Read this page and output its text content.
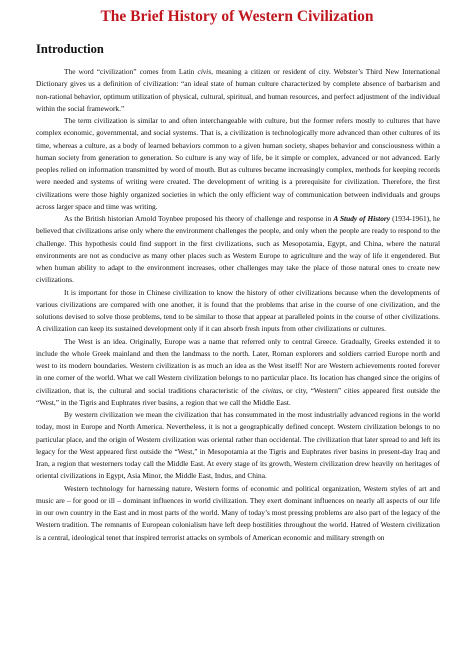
The Brief History of Western Civilization
Introduction

The word “civilization” comes from Latin civis, meaning a citizen or resident of city. Webster’s Third New International Dictionary gives us a definition of civilization: “an ideal state of human culture characterized by complete absence of barbarism and non-rational behavior, optimum utilization of physical, cultural, spiritual, and human resources, and perfect adjustment of the individual within the social framework.”

The term civilization is similar to and often interchangeable with culture, but the former refers mostly to cultures that have complex economic, governmental, and social systems. That is, a civilization is technologically more advanced than other cultures of its time, whereas a culture, as a body of learned behaviors common to a given human society, shapes behavior and consciousness within a human society from generation to generation. So culture is any way of life, be it simple or complex, advanced or not advanced. Early peoples relied on information transmitted by word of mouth. But as cultures became increasingly complex, methods for keeping records were needed and systems of writing were created. The development of writing is a prerequisite for civilization. Therefore, the first civilizations were those highly organized societies in which the only efficient way of communication between individuals and groups across larger space and time was writing.

As the British historian Arnold Toynbee proposed his theory of challenge and response in A Study of History (1934-1961), he believed that civilizations arise only where the environment challenges the people, and only when the people are ready to respond to the challenge. This hypothesis could find support in the first civilizations, such as Mesopotamia, Egypt, and China, where the natural environments are not as conducive as many other places such as Western Europe to agriculture and the way of life it engendered. But when human ability to adapt to the environment increases, other challenges may take the place of those natural ones to create new civilizations.

It is important for those in Chinese civilization to know the history of other civilizations because when the developments of various civilizations are compared with one another, it is found that the problems that arise in the course of one civilization, and the solutions devised to solve those problems, tend to be similar to those that appear at paralleled points in the course of other civilizations. A civilization can keep its sustained development only if it can absorb fresh inputs from other civilizations or cultures.

The West is an idea. Originally, Europe was a name that referred only to central Greece. Gradually, Greeks extended it to include the whole Greek mainland and then the landmass to the north. Later, Roman explorers and soldiers carried Europe north and west to its modern boundaries. Western civilization is as much an idea as the West itself! Nor are Western achievements rooted forever in one corner of the world. What we call Western civilization belongs to no particular place. Its location has changed since the origins of civilization, that is, the cultural and social traditions characteristic of the civitas, or city, “Western” cities appeared first outside the “West,” in the Tigris and Euphrates river basins, a region that we call the Middle East.

By western civilization we mean the civilization that has consummated in the most industrially advanced regions in the world today, most in Europe and North America. Nevertheless, it is not a geographically defined concept. Western civilization belongs to no particular place, and the origin of Western civilization was oriental rather than occidental. The civilization that later spread to and left its legacy for the West appeared first outside the “West,” in Mesopotamia at the Tigris and Euphrates river basins in present-day Iraq and Iran, a region that westerners today call the Middle East. At every stage of its growth, Western civilization drew heavily on heritages of oriental civilizations in Egypt, Asia Minor, the Middle East, Indus, and China.

Western technology for harnessing nature, Western forms of economic and political organization, Western styles of art and music are – for good or ill – dominant influences in world civilization. They exert dominant influences on nearly all aspects of our life in our own country in the East and in most parts of the world. Many of today’s most pressing problems are also part of the legacy of the Western tradition. The remnants of European colonialism have left deep hostilities throughout the world. Hatred of Western civilization is a central, ideological tenet that inspired terrorist attacks on symbols of American economic and military strength on
